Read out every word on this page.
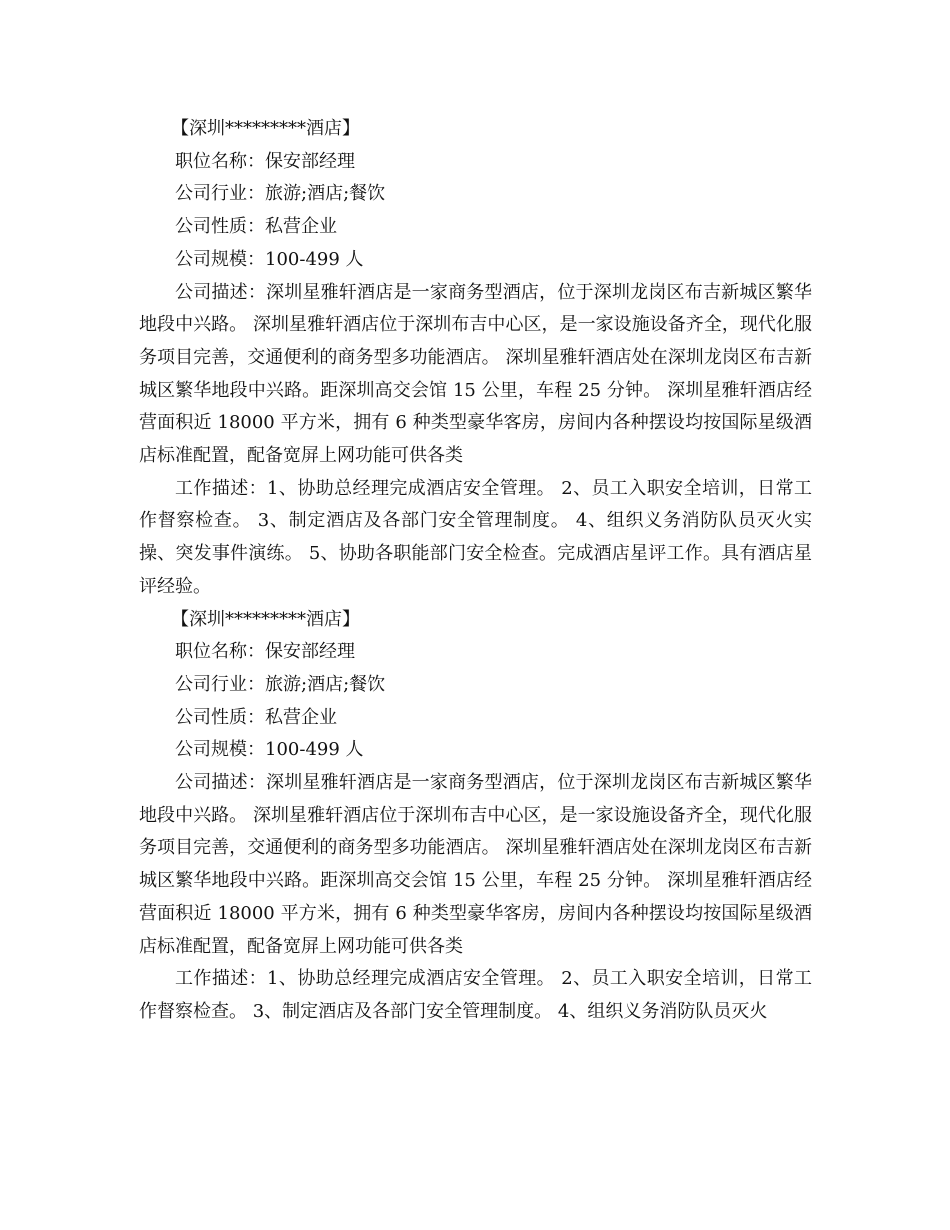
【深圳*********酒店】

职位名称：保安部经理

公司行业：旅游;酒店;餐饮

公司性质：私营企业

公司规模：100-499 人

公司描述：深圳星雅轩酒店是一家商务型酒店，位于深圳龙岗区布吉新城区繁华地段中兴路。 深圳星雅轩酒店位于深圳布吉中心区，是一家设施设备齐全，现代化服务项目完善，交通便利的商务型多功能酒店。 深圳星雅轩酒店处在深圳龙岗区布吉新城区繁华地段中兴路。距深圳高交会馆 15 公里，车程 25 分钟。 深圳星雅轩酒店经营面积近 18000 平方米，拥有 6 种类型豪华客房，房间内各种摆设均按国际星级酒店标准配置，配备宽屏上网功能可供各类

工作描述：1、协助总经理完成酒店安全管理。 2、员工入职安全培训，日常工作督察检查。 3、制定酒店及各部门安全管理制度。 4、组织义务消防队员灭火实操、突发事件演练。 5、协助各职能部门安全检查。完成酒店星评工作。具有酒店星评经验。

【深圳*********酒店】

职位名称：保安部经理

公司行业：旅游;酒店;餐饮

公司性质：私营企业

公司规模：100-499 人

公司描述：深圳星雅轩酒店是一家商务型酒店，位于深圳龙岗区布吉新城区繁华地段中兴路。 深圳星雅轩酒店位于深圳布吉中心区，是一家设施设备齐全，现代化服务项目完善，交通便利的商务型多功能酒店。 深圳星雅轩酒店处在深圳龙岗区布吉新城区繁华地段中兴路。距深圳高交会馆 15 公里，车程 25 分钟。 深圳星雅轩酒店经营面积近 18000 平方米，拥有 6 种类型豪华客房，房间内各种摆设均按国际星级酒店标准配置，配备宽屏上网功能可供各类

工作描述：1、协助总经理完成酒店安全管理。 2、员工入职安全培训，日常工作督察检查。 3、制定酒店及各部门安全管理制度。 4、组织义务消防队员灭火
